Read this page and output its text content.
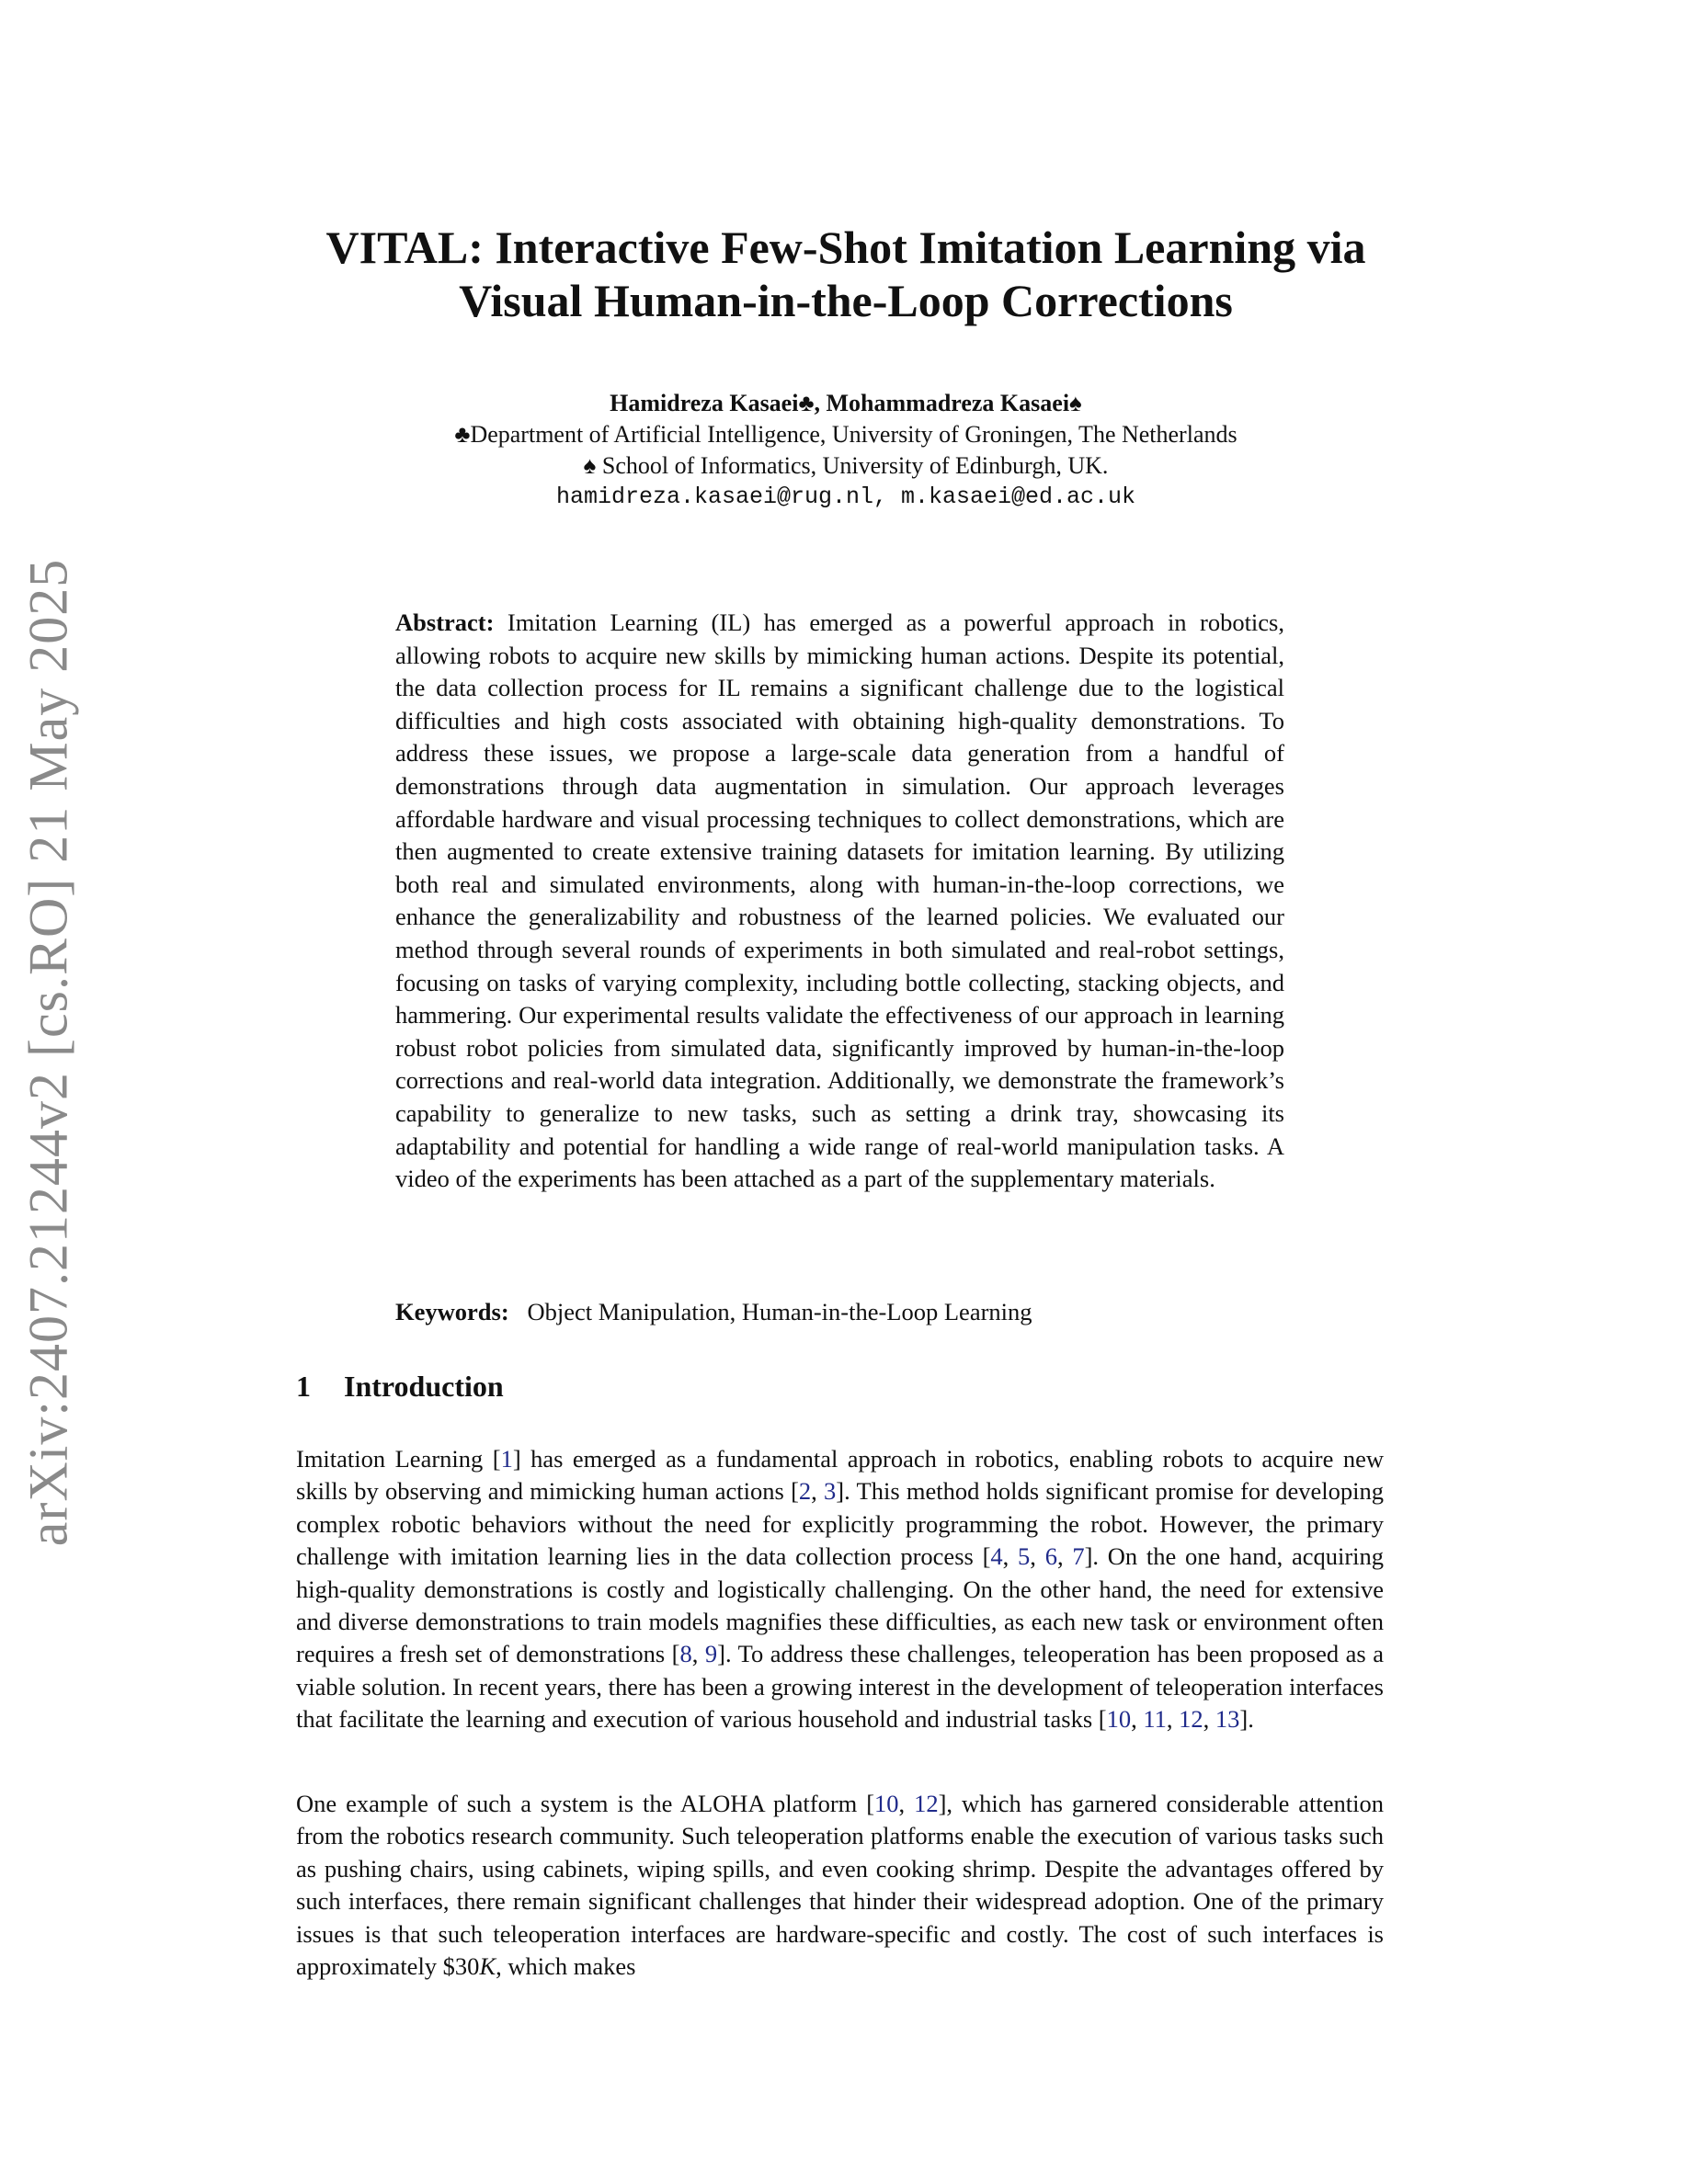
arXiv:2407.21244v2 [cs.RO] 21 May 2025
VITAL: Interactive Few-Shot Imitation Learning via
Visual Human-in-the-Loop Corrections
Hamidreza Kasaei♣, Mohammadreza Kasaei♠
♣Department of Artificial Intelligence, University of Groningen, The Netherlands
♠ School of Informatics, University of Edinburgh, UK.
hamidreza.kasaei@rug.nl, m.kasaei@ed.ac.uk
Abstract: Imitation Learning (IL) has emerged as a powerful approach in robotics, allowing robots to acquire new skills by mimicking human actions. Despite its potential, the data collection process for IL remains a significant challenge due to the logistical difficulties and high costs associated with obtaining high-quality demonstrations. To address these issues, we propose a large-scale data generation from a handful of demonstrations through data augmentation in simulation. Our approach leverages affordable hardware and visual processing techniques to collect demonstrations, which are then augmented to create extensive training datasets for imitation learning. By utilizing both real and simulated environments, along with human-in-the-loop corrections, we enhance the generalizability and robustness of the learned policies. We evaluated our method through several rounds of experiments in both simulated and real-robot settings, focusing on tasks of varying complexity, including bottle collecting, stacking objects, and hammering. Our experimental results validate the effectiveness of our approach in learning robust robot policies from simulated data, significantly improved by human-in-the-loop corrections and real-world data integration. Additionally, we demonstrate the framework’s capability to generalize to new tasks, such as setting a drink tray, showcasing its adaptability and potential for handling a wide range of real-world manipulation tasks. A video of the experiments has been attached as a part of the supplementary materials.
Keywords: Object Manipulation, Human-in-the-Loop Learning
1 Introduction

Imitation Learning [1] has emerged as a fundamental approach in robotics, enabling robots to acquire new skills by observing and mimicking human actions [2, 3]. This method holds significant promise for developing complex robotic behaviors without the need for explicitly programming the robot. However, the primary challenge with imitation learning lies in the data collection process [4, 5, 6, 7]. On the one hand, acquiring high-quality demonstrations is costly and logistically challenging. On the other hand, the need for extensive and diverse demonstrations to train models magnifies these difficulties, as each new task or environment often requires a fresh set of demonstrations [8, 9]. To address these challenges, teleoperation has been proposed as a viable solution. In recent years, there has been a growing interest in the development of teleoperation interfaces that facilitate the learning and execution of various household and industrial tasks [10, 11, 12, 13].

One example of such a system is the ALOHA platform [10, 12], which has garnered considerable attention from the robotics research community. Such teleoperation platforms enable the execution of various tasks such as pushing chairs, using cabinets, wiping spills, and even cooking shrimp. Despite the advantages offered by such interfaces, there remain significant challenges that hinder their widespread adoption. One of the primary issues is that such teleoperation interfaces are hardware-specific and costly. The cost of such interfaces is approximately $30K, which makes
